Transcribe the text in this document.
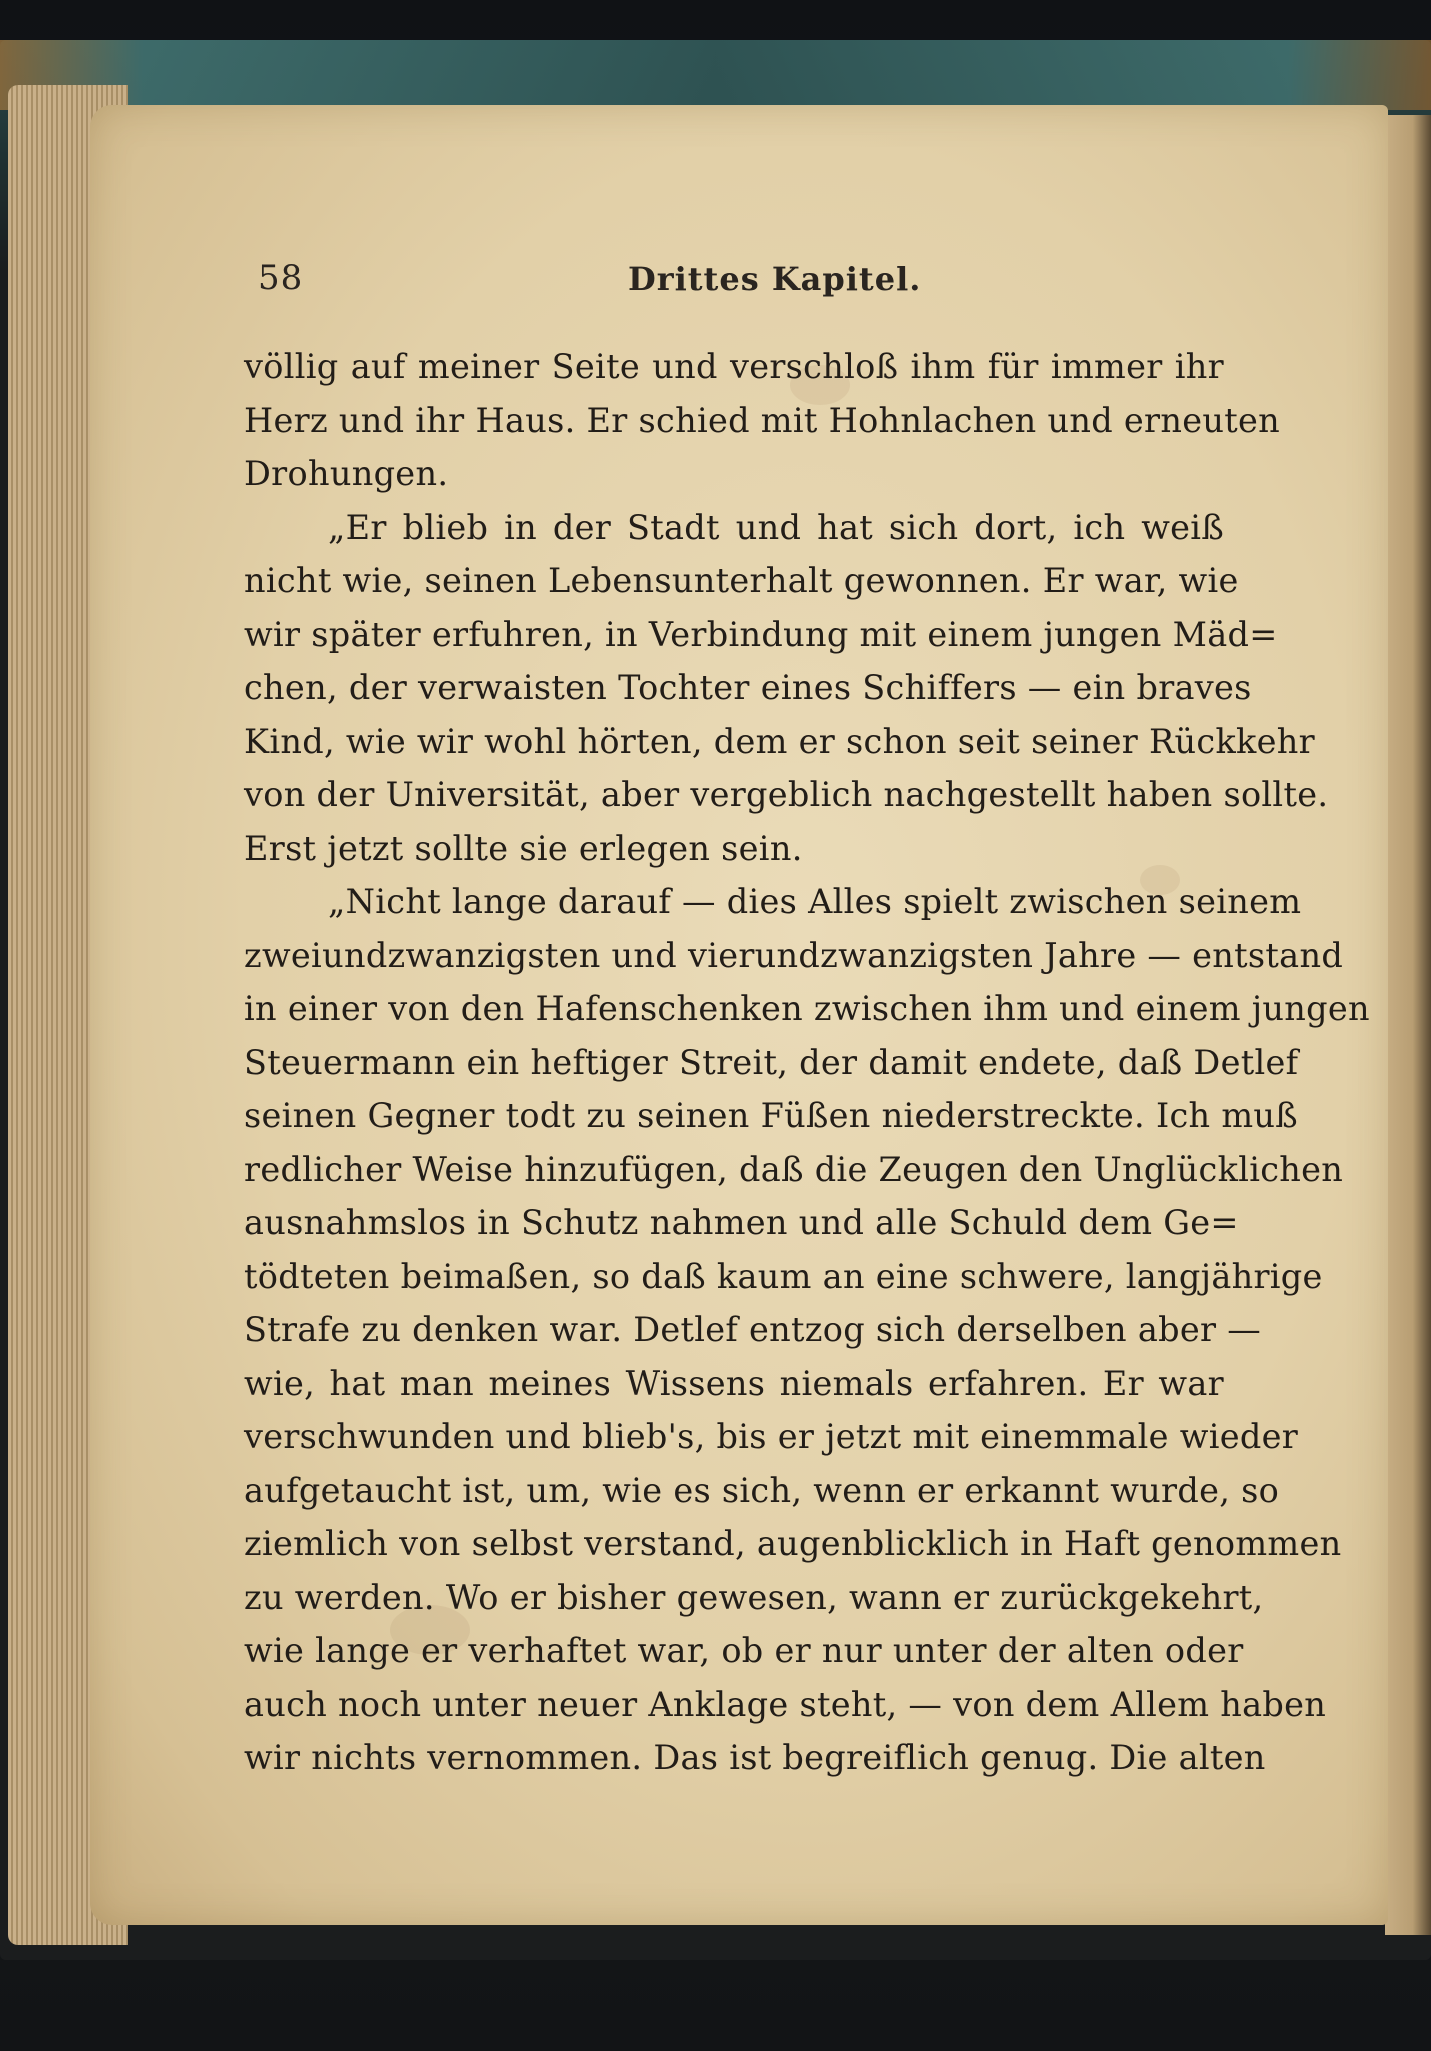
58	Drittes Kapitel.
völlig auf meiner Seite und verschloß ihm für immer ihr
Herz und ihr Haus. Er schied mit Hohnlachen und erneuten
Drohungen.
„Er blieb in der Stadt und hat sich dort, ich weiß
nicht wie, seinen Lebensunterhalt gewonnen. Er war, wie
wir später erfuhren, in Verbindung mit einem jungen Mäd=
chen, der verwaisten Tochter eines Schiffers — ein braves
Kind, wie wir wohl hörten, dem er schon seit seiner Rückkehr
von der Universität, aber vergeblich nachgestellt haben sollte.
Erst jetzt sollte sie erlegen sein.
„Nicht lange darauf — dies Alles spielt zwischen seinem
zweiundzwanzigsten und vierundzwanzigsten Jahre — entstand
in einer von den Hafenschenken zwischen ihm und einem jungen
Steuermann ein heftiger Streit, der damit endete, daß Detlef
seinen Gegner todt zu seinen Füßen niederstreckte. Ich muß
redlicher Weise hinzufügen, daß die Zeugen den Unglücklichen
ausnahmslos in Schutz nahmen und alle Schuld dem Ge=
tödteten beimaßen, so daß kaum an eine schwere, langjährige
Strafe zu denken war. Detlef entzog sich derselben aber —
wie, hat man meines Wissens niemals erfahren. Er war
verschwunden und blieb's, bis er jetzt mit einemmale wieder
aufgetaucht ist, um, wie es sich, wenn er erkannt wurde, so
ziemlich von selbst verstand, augenblicklich in Haft genommen
zu werden. Wo er bisher gewesen, wann er zurückgekehrt,
wie lange er verhaftet war, ob er nur unter der alten oder
auch noch unter neuer Anklage steht, — von dem Allem haben
wir nichts vernommen. Das ist begreiflich genug. Die alten
